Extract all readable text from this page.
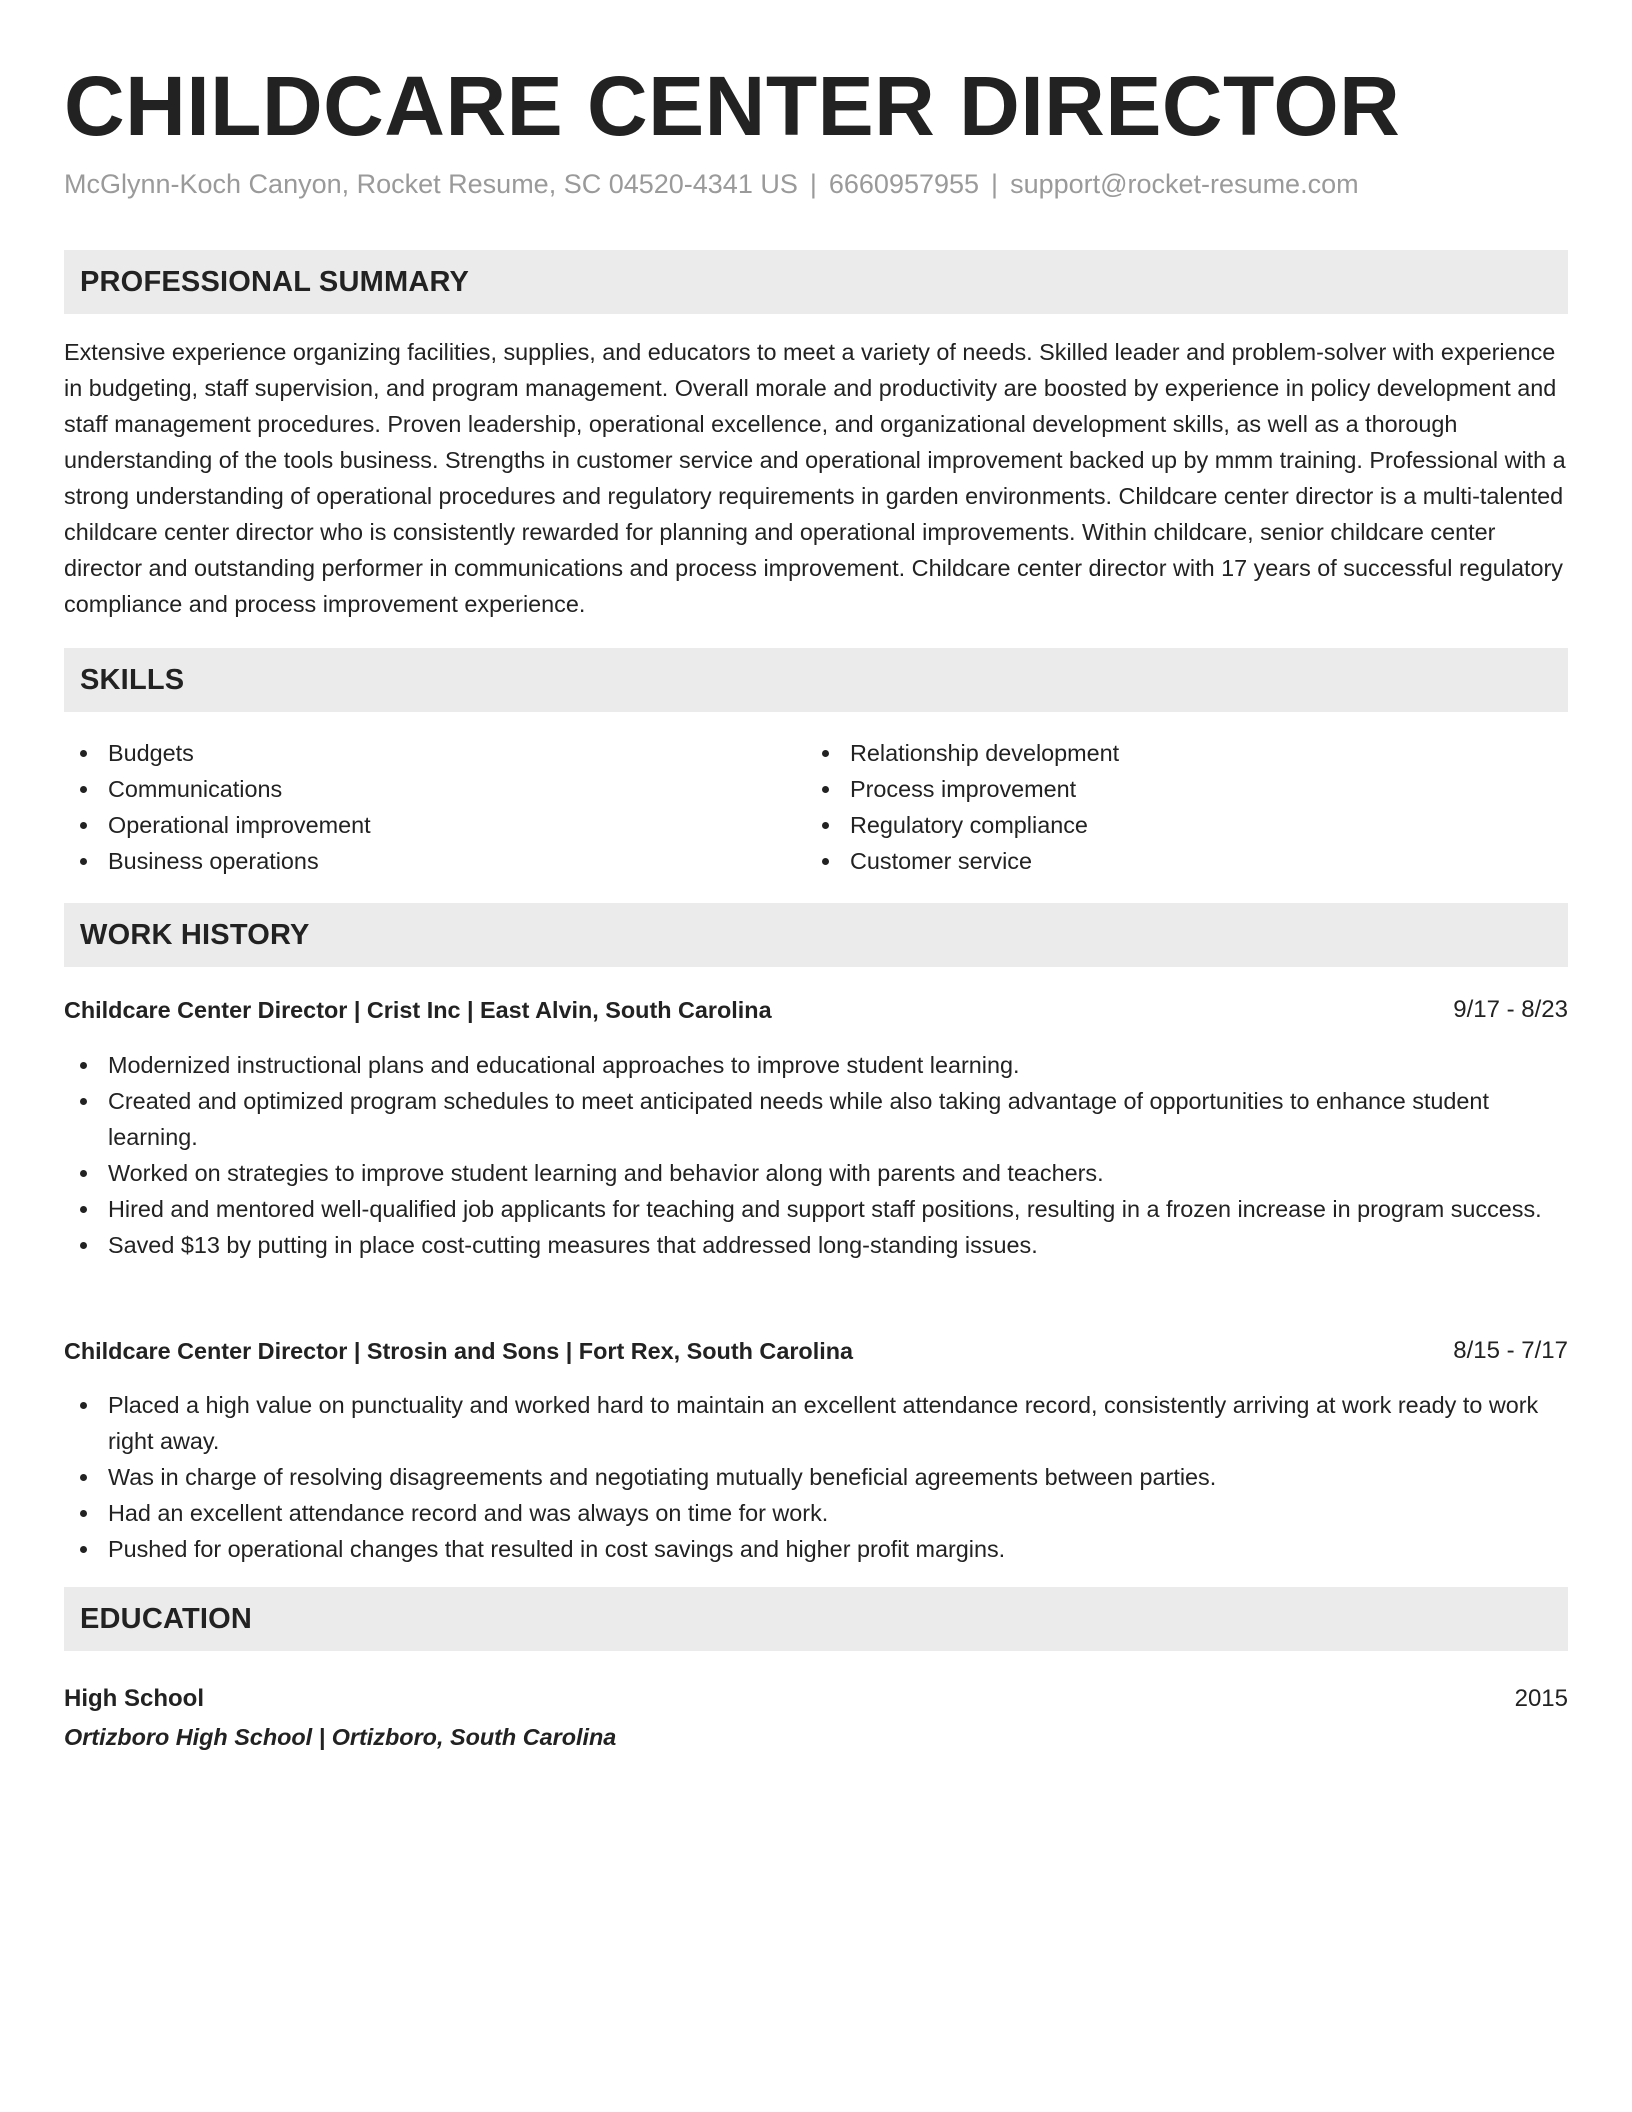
CHILDCARE CENTER DIRECTOR
McGlynn-Koch Canyon, Rocket Resume, SC 04520-4341 US | 6660957955 | support@rocket-resume.com
PROFESSIONAL SUMMARY

Extensive experience organizing facilities, supplies, and educators to meet a variety of needs. Skilled leader and problem-solver with experience in budgeting, staff supervision, and program management. Overall morale and productivity are boosted by experience in policy development and staff management procedures. Proven leadership, operational excellence, and organizational development skills, as well as a thorough understanding of the tools business. Strengths in customer service and operational improvement backed up by mmm training. Professional with a strong understanding of operational procedures and regulatory requirements in garden environments. Childcare center director is a multi-talented childcare center director who is consistently rewarded for planning and operational improvements. Within childcare, senior childcare center director and outstanding performer in communications and process improvement. Childcare center director with 17 years of successful regulatory compliance and process improvement experience.

SKILLS
Budgets
Communications
Operational improvement
Business operations
Relationship development
Process improvement
Regulatory compliance
Customer service
WORK HISTORY
Childcare Center Director | Crist Inc | East Alvin, South Carolina	9/17 - 8/23
Modernized instructional plans and educational approaches to improve student learning.
Created and optimized program schedules to meet anticipated needs while also taking advantage of opportunities to enhance student learning.
Worked on strategies to improve student learning and behavior along with parents and teachers.
Hired and mentored well-qualified job applicants for teaching and support staff positions, resulting in a frozen increase in program success.
Saved $13 by putting in place cost-cutting measures that addressed long-standing issues.
Childcare Center Director | Strosin and Sons | Fort Rex, South Carolina	8/15 - 7/17
Placed a high value on punctuality and worked hard to maintain an excellent attendance record, consistently arriving at work ready to work right away.
Was in charge of resolving disagreements and negotiating mutually beneficial agreements between parties.
Had an excellent attendance record and was always on time for work.
Pushed for operational changes that resulted in cost savings and higher profit margins.
EDUCATION
High School	2015
Ortizboro High School | Ortizboro, South Carolina
